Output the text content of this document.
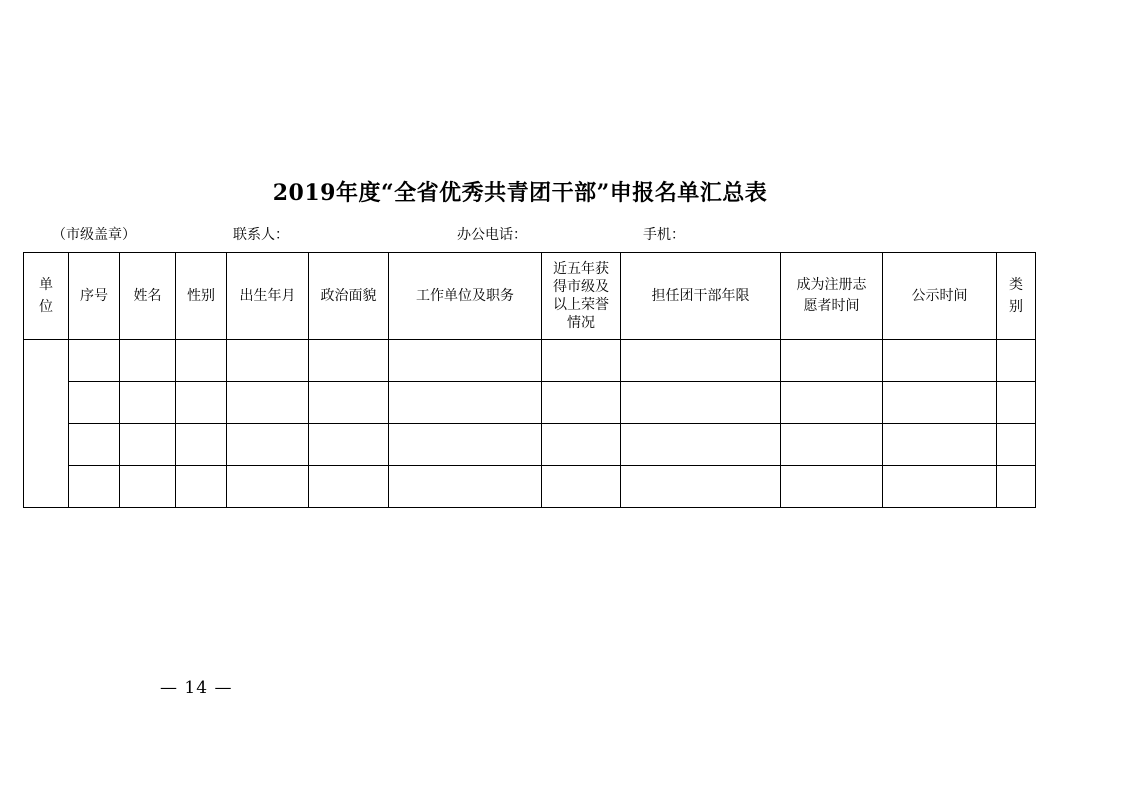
2019年度“全省优秀共青团干部”申报名单汇总表
（市级盖章）	联系人：	办公电话：	手机：
单位	序号	姓名	性别	出生年月	政治面貌	工作单位及职务	近五年获得市级及以上荣誉情况	担任团干部年限	成为注册志愿者时间	公示时间	类别

— 14 —
